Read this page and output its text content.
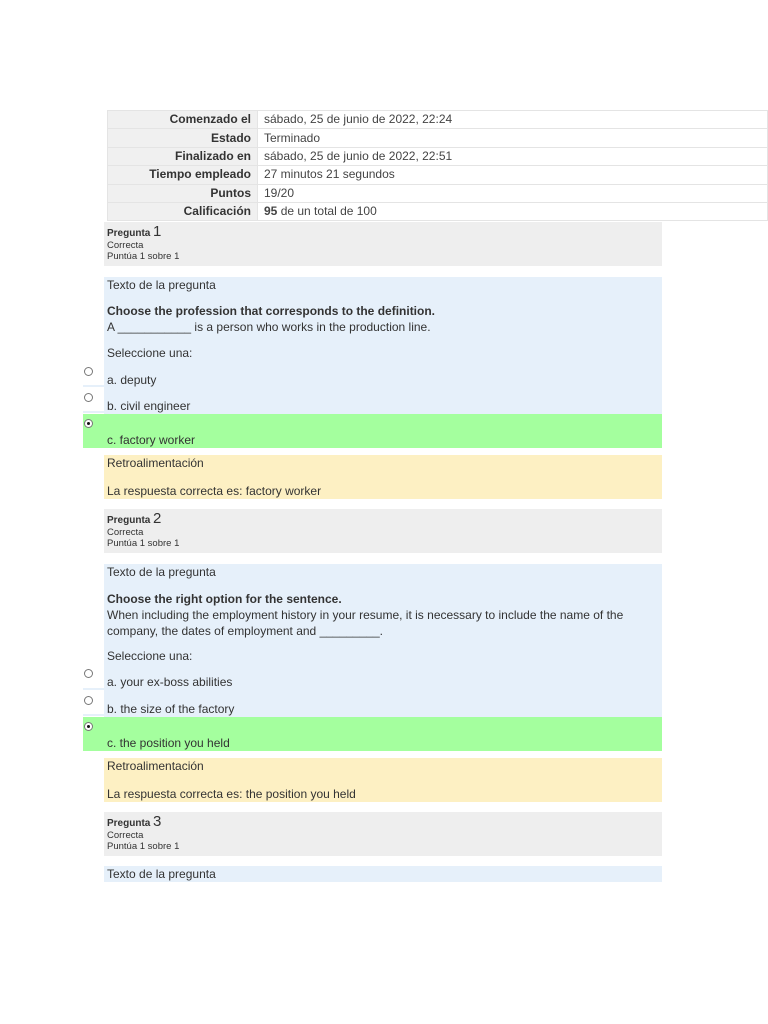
Comenzado el	sábado, 25 de junio de 2022, 22:24
Estado	Terminado
Finalizado en	sábado, 25 de junio de 2022, 22:51
Tiempo empleado	27 minutos 21 segundos
Puntos	19/20
Calificación	95 de un total de 100
Pregunta 1
Correcta
Puntúa 1 sobre 1
Texto de la pregunta
Choose the profession that corresponds to the definition.
A ___________ is a person who works in the production line.
Seleccione una:
a. deputy
b. civil engineer
c. factory worker
Retroalimentación
La respuesta correcta es: factory worker
Pregunta 2
Correcta
Puntúa 1 sobre 1
Texto de la pregunta
Choose the right option for the sentence.
When including the employment history in your resume, it is necessary to include the name of the company, the dates of employment and _________.
Seleccione una:
a. your ex-boss abilities
b. the size of the factory
c. the position you held
Retroalimentación
La respuesta correcta es: the position you held
Pregunta 3
Correcta
Puntúa 1 sobre 1
Texto de la pregunta
